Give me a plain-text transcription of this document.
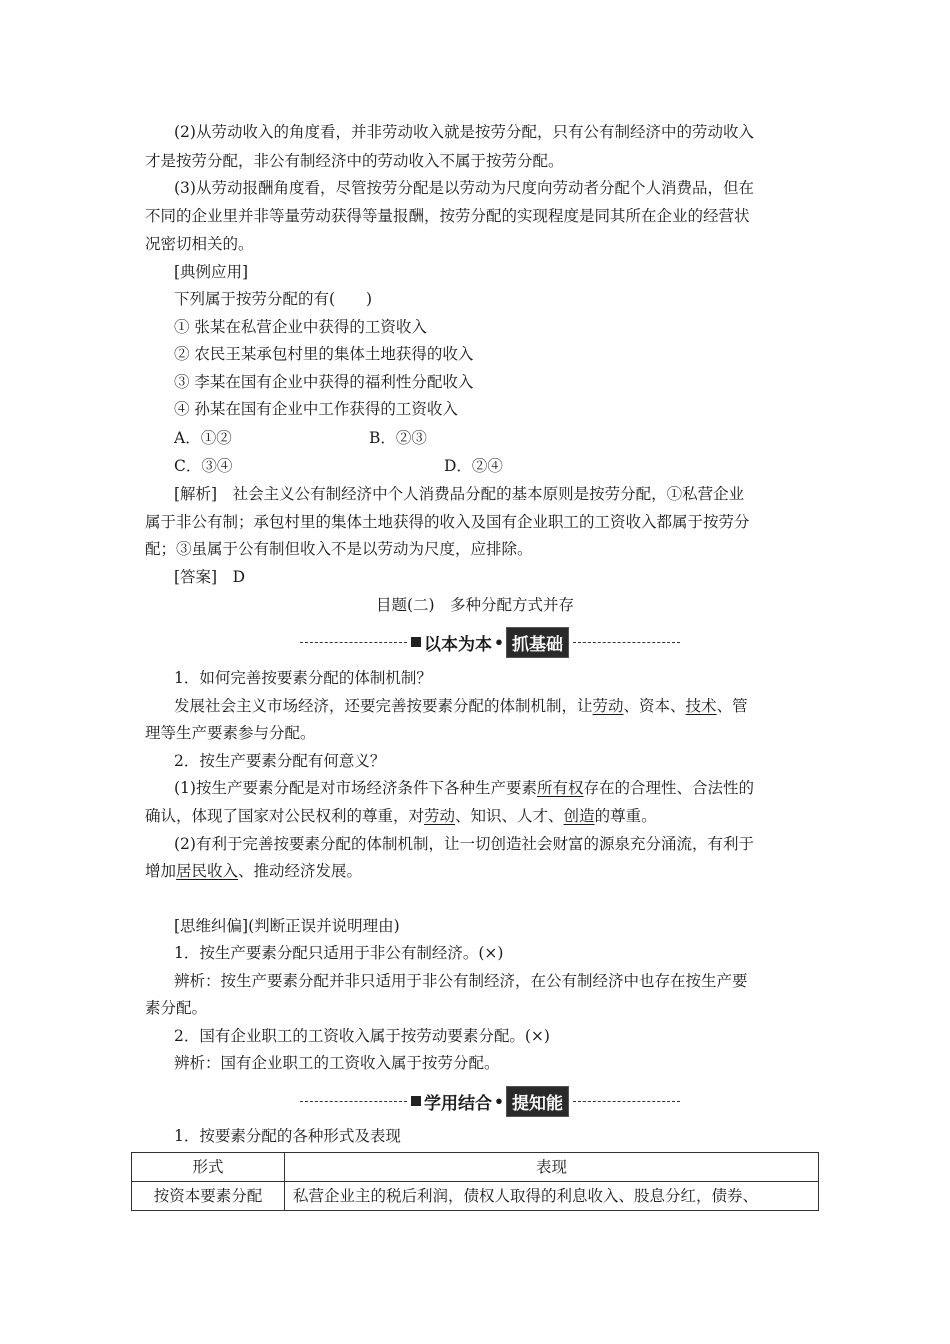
(2)从劳动收入的角度看，并非劳动收入就是按劳分配，只有公有制经济中的劳动收入
才是按劳分配，非公有制经济中的劳动收入不属于按劳分配。
(3)从劳动报酬角度看，尽管按劳分配是以劳动为尺度向劳动者分配个人消费品，但在
不同的企业里并非等量劳动获得等量报酬，按劳分配的实现程度是同其所在企业的经营状
况密切相关的。
[典例应用]
下列属于按劳分配的有(　　)
① 张某在私营企业中获得的工资收入
② 农民王某承包村里的集体土地获得的收入
③ 李某在国有企业中获得的福利性分配收入
④ 孙某在国有企业中工作获得的工资收入
A．①②	B．②③
C．③④	D．②④
[解析]　社会主义公有制经济中个人消费品分配的基本原则是按劳分配，①私营企业
属于非公有制；承包村里的集体土地获得的收入及国有企业职工的工资收入都属于按劳分
配；③虽属于公有制但收入不是以劳动为尺度，应排除。
[答案]　D
目题(二)　多种分配方式并存
以本为本 • 抓基础
1．如何完善按要素分配的体制机制？
发展社会主义市场经济，还要完善按要素分配的体制机制，让劳动、资本、技术、管
理等生产要素参与分配。
2．按生产要素分配有何意义？
(1)按生产要素分配是对市场经济条件下各种生产要素所有权存在的合理性、合法性的
确认，体现了国家对公民权利的尊重，对劳动、知识、人才、创造的尊重。
(2)有利于完善按要素分配的体制机制，让一切创造社会财富的源泉充分涌流，有利于
增加居民收入、推动经济发展。
[思维纠偏](判断正误并说明理由)
1．按生产要素分配只适用于非公有制经济。(×)
辨析：按生产要素分配并非只适用于非公有制经济，在公有制经济中也存在按生产要
素分配。
2．国有企业职工的工资收入属于按劳动要素分配。(×)
辨析：国有企业职工的工资收入属于按劳分配。
学用结合 • 提知能
1．按要素分配的各种形式及表现
形式	表现
按资本要素分配	私营企业主的税后利润，债权人取得的利息收入、股息分红，债券、
